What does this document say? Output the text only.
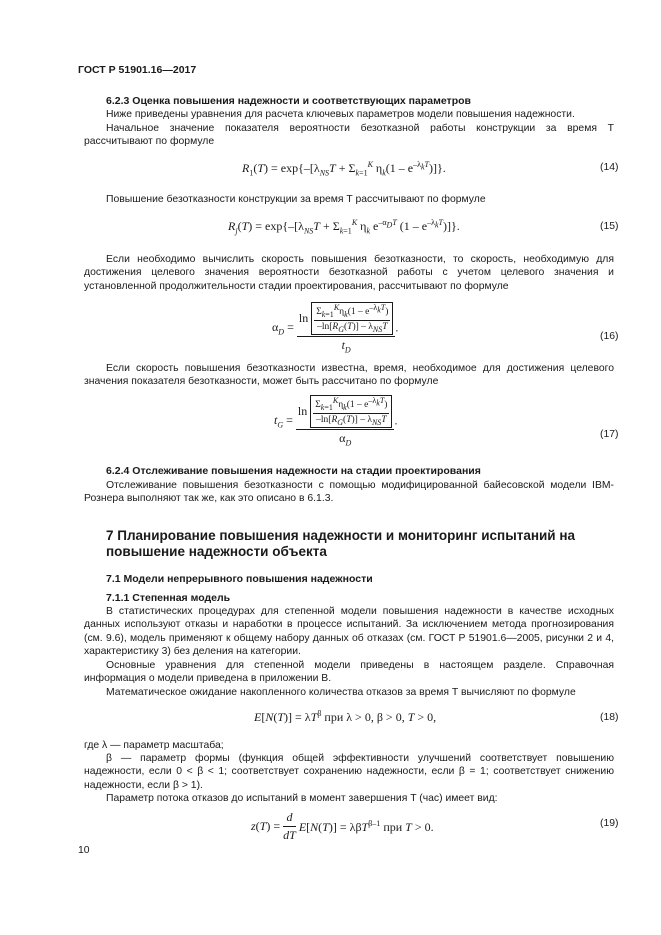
ГОСТ Р 51901.16—2017
6.2.3 Оценка повышения надежности и соответствующих параметров
Ниже приведены уравнения для расчета ключевых параметров модели повышения надежности.
Начальное значение показателя вероятности безотказной работы конструкции за время T рассчитывают по формуле
$R_1(T) = \exp\{-[\lambda_{NS}T + \Sigma_{k=1}^K$ $\eta_k(1 - e^{-\lambda_kT})$]}.	(14)
Повышение безотказности конструкции за время T рассчитывают по формуле
$R_j(T) = \exp\{-[\lambda_{NS}T + \Sigma_{k=1}^K$ $\eta_k$ $e^{-\alpha_DT}$ $(1 - e^{-\lambda_kT})$]}.	(15)
Если необходимо вычислить скорость повышения безотказности, то скорость, необходимую для достижения целевого значения вероятности безотказной работы с учетом целевого значения и установленной продолжительности стадии проектирования, рассчитывают по формуле
$\alpha_D = \frac{\ln \frac{\Sigma_{k=1}^K\eta_k(1 - e^{-\lambda_kT})}{-\ln[R_G(T)] - \lambda_{NS}T}}{t_D}$ .
(16)
Если скорость повышения безотказности известна, время, необходимое для достижения целевого значения показателя безотказности, может быть рассчитано по формуле
$t_G = \frac{\ln \frac{\Sigma_{k=1}^K\eta_k(1 - e^{-\lambda_kT})}{-\ln[R_G(T)] - \lambda_{NS}T}}{\alpha_D}$ .
(17)
6.2.4 Отслеживание повышения надежности на стадии проектирования
Отслеживание повышения безотказности с помощью модифицированной байесовской модели IBM-Рознера выполняют так же, как это описано в 6.1.3.
7 Планирование повышения надежности и мониторинг испытаний на повышение надежности объекта
7.1 Модели непрерывного повышения надежности
7.1.1 Степенная модель
В статистических процедурах для степенной модели повышения надежности в качестве исходных данных используют отказы и наработки в процессе испытаний. За исключением метода прогнозирования (см. 9.6), модель применяют к общему набору данных об отказах (см. ГОСТ Р 51901.6—2005, рисунки 2 и 4, характеристику 3) без деления на категории.
Основные уравнения для степенной модели приведены в настоящем разделе. Справочная информация о модели приведена в приложении В.
Математическое ожидание накопленного количества отказов за время T вычисляют по формуле
$E[N(T)] = \lambda T^\beta$ при λ > 0, β > 0, T > 0,	(18)
где λ — параметр масштаба;
β — параметр формы (функция общей эффективности улучшений соответствует повышению надежности, если 0 < β < 1; соответствует сохранению надежности, если β = 1; соответствует снижению надежности, если β > 1).
Параметр потока отказов до испытаний в момент завершения T (час) имеет вид:
$z(T) = \frac{d}{dT} E[N(T)] = \lambda\beta T^{\beta-1}$ при T > 0.	(19)
10
